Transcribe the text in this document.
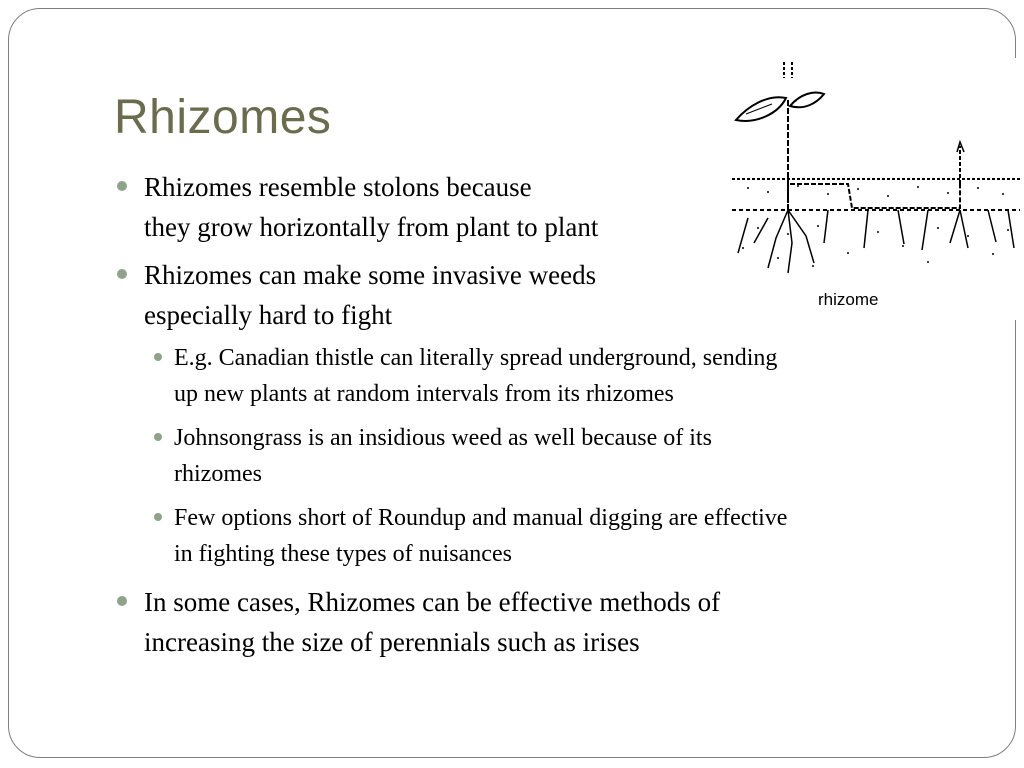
Rhizomes
Rhizomes resemble stolons because
they grow horizontally from plant to plant
Rhizomes can make some invasive weeds
especially hard to fight
E.g. Canadian thistle can literally spread underground, sending
up new plants at random intervals from its rhizomes
Johnsongrass is an insidious weed as well because of its
rhizomes
Few options short of Roundup and manual digging are effective
in fighting these types of nuisances
In some cases, Rhizomes can be effective methods of
increasing the size of perennials such as irises
rhizome
